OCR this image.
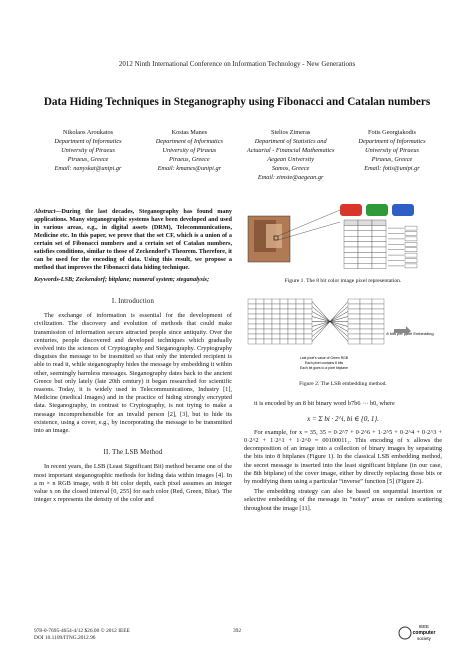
2012 Ninth International Conference on Information Technology - New Generations
Data Hiding Techniques in Steganography using Fibonacci and Catalan numbers
Nikolaos Aroukatos
Department of Informatics
University of Piraeus
Piraeus, Greece
Email: nanyskat@unipi.gr
Kostas Manes
Department of Informatics
University of Piraeus
Piraeus, Greece
Email: kmanes@unipi.gr
Stelios Zimeras
Department of Statistics and
Actuarial - Financial Mathematics
Aegean University
Samos, Greece
Email: zimste@aegean.gr
Fotis Georgiakodis
Department of Informatics
University of Piraeus
Piraeus, Greece
Email: fotis@unipi.gr

Abstract—During the last decades, Steganography has found many applications. Many steganographic systems have been developed and used in various areas, e.g., in digital assets (DRM), Telecommunications, Medicine etc. In this paper, we prove that the set CF, which is a union of a certain set of Fibonacci numbers and a certain set of Catalan numbers, satisfies conditions, similar to those of Zeckendorf's Theorem. Therefore, it can be used for the encoding of data. Using this result, we propose a method that improves the Fibonacci data hiding technique.

Keywords-LSB; Zeckendorf; bitplane; numeral system; steganalysis;

I. Introduction

The exchange of information is essential for the development of civilization. The discovery and evolution of methods that could make transmission of information secure attracted people since antiquity. Over the centuries, people discovered and developed techniques which gradually evolved into the sciences of Cryptography and Steganography. Cryptography disguises the message to be trasmitted so that only the intended recipient is able to read it, while steganography hides the message by embedding it within other, seemingly harmless messages. Steganography dates back to the ancient Greece but only lately (late 20th century) it began researched for scientific reasons. Today, it is widely used in Telecommunications, Industry [1], Medicine (medical Images) and in the practice of hiding strongly encrypted data. Steganography, in contrast to Cryptography, is not trying to make a message incomprehensible for an invalid person [2], [3], but to hide its existence, using a cover, e.g., by incorporating the message to be transmitted into an image.

II. The LSB Method

In recent years, the LSB (Least Significant Bit) method became one of the most important steganographic methods for hiding data within images [4]. In a m × n RGB image, with 8 bit color depth, each pixel assumes an integer value x on the closed interval [0, 255] for each color (Red, Green, Blue). The integer x represents the density of the color and

Figure 1. The 8 bit color image pixel representation.
8 bits per pixel Embedding
Last pixel's value of Green RGB
Each pixel contains 8 bits
Each bit goes to a pixel bitplane
Figure 2. The LSB embedding method.

it is encoded by an 8 bit binary word b7b6 ··· b0, where

x = Σ bi · 2^i, bi ∈ {0, 1}.

For example, for x = 35, 35 = 0·2^7 + 0·2^6 + 1·2^5 + 0·2^4 + 0·2^3 + 0·2^2 + 1·2^1 + 1·2^0 = 00100011₂. This encoding of x allows the decomposition of an image into a collection of binary images by separating the bits into 8 bitplanes (Figure 1). In the classical LSB embedding method, the secret message is inserted into the least significant bitplane (in our case, the 8th bitplane) of the cover image, either by directly replacing those bits or by modifying them using a particular “inverse” function [5] (Figure 2).

The embedding strategy can also be based on sequential insertion or selective embedding of the message in “noisy” areas or random scattering throughout the image [11].

978-0-7695-4654-4/12 $26.00 © 2012 IEEE
DOI 10.1109/ITNG.2012.96
392
IEEE
computer
society
